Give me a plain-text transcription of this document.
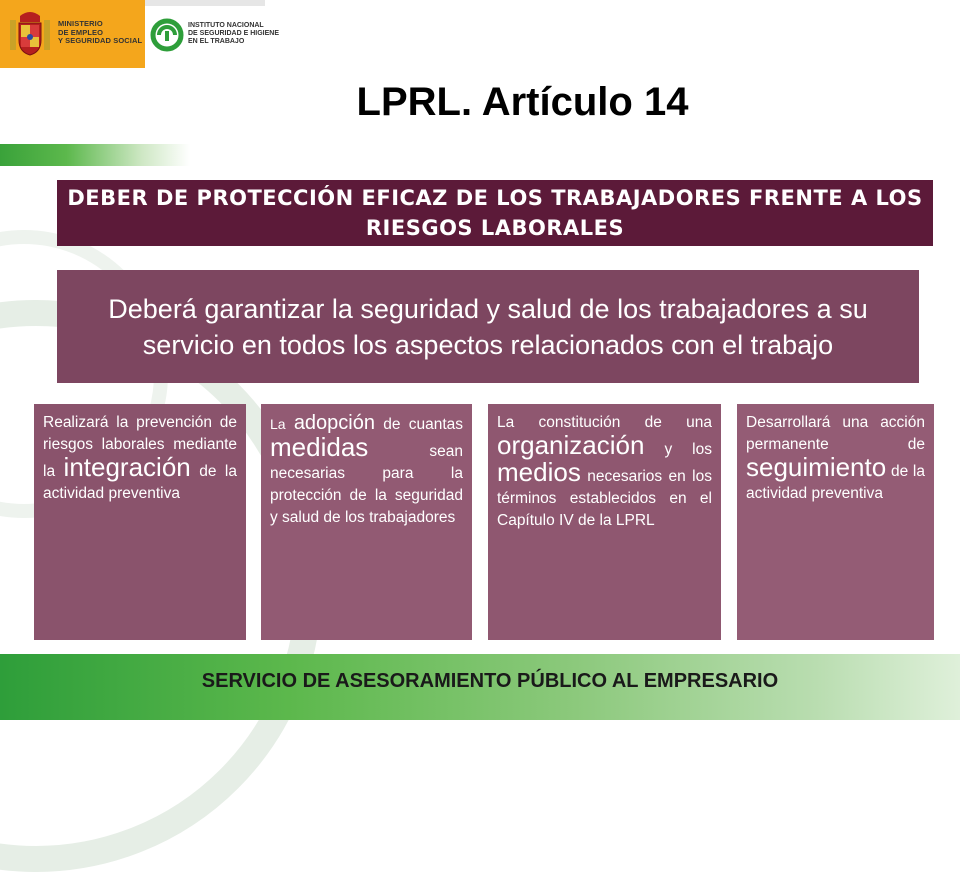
MINISTERIO
DE EMPLEO
Y SEGURIDAD SOCIAL
INSTITUTO NACIONAL
DE SEGURIDAD E HIGIENE
EN EL TRABAJO
LPRL. Artículo 14
DEBER DE PROTECCIÓN EFICAZ DE LOS TRABAJADORES FRENTE A LOS RIESGOS LABORALES
Deberá garantizar la seguridad y salud de los trabajadores a su servicio en todos los aspectos relacionados con el trabajo
Realizará la prevención de riesgos laborales mediante la integración de la actividad preventiva
La adopción de cuantas medidas	sean necesarias para la protección de la seguridad y salud de los trabajadores
La constitución de una organización y los medios necesarios en los términos establecidos en el Capítulo IV de la LPRL
Desarrollará una acción permanente de seguimiento de la actividad preventiva
SERVICIO DE ASESORAMIENTO PÚBLICO AL EMPRESARIO
